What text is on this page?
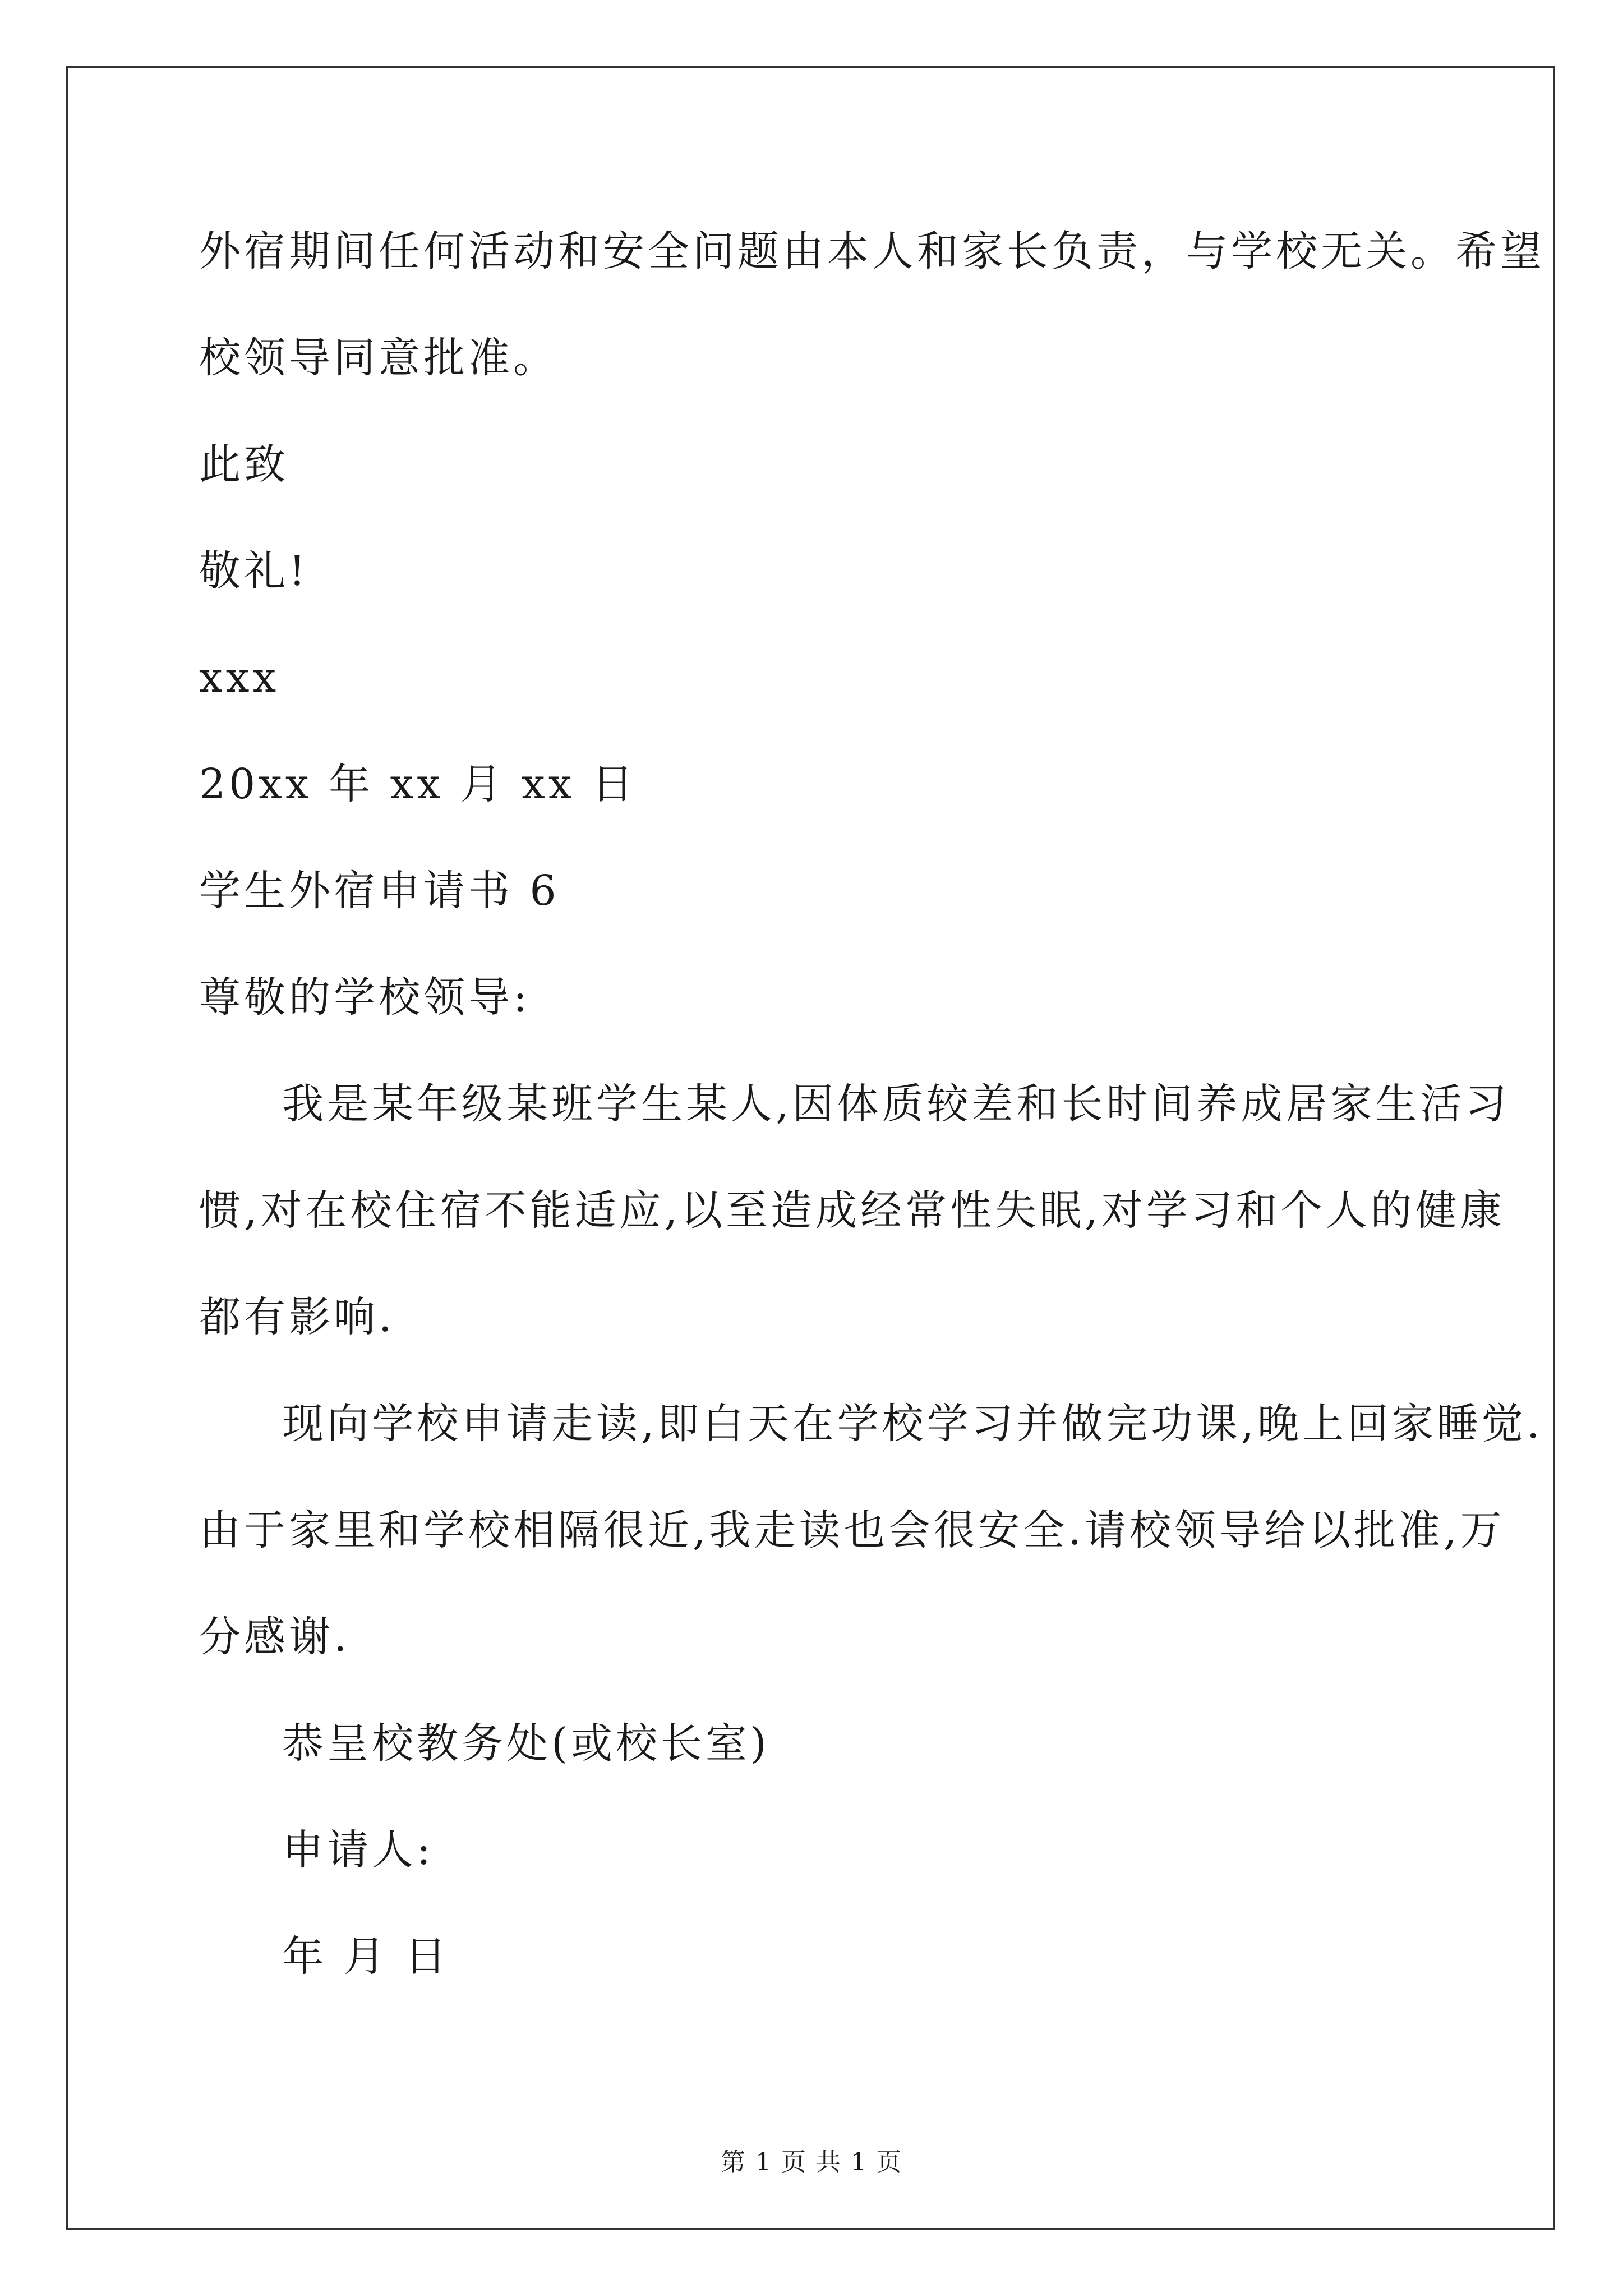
外宿期间任何活动和安全问题由本人和家长负责，与学校无关。希望
校领导同意批准。
此致
敬礼!
xxx
20xx 年 xx 月 xx 日
学生外宿申请书 6
尊敬的学校领导:
我是某年级某班学生某人,因体质较差和长时间养成居家生活习
惯,对在校住宿不能适应,以至造成经常性失眠,对学习和个人的健康
都有影响.
现向学校申请走读,即白天在学校学习并做完功课,晚上回家睡觉.
由于家里和学校相隔很近,我走读也会很安全.请校领导给以批准,万
分感谢.
恭呈校教务处(或校长室)
申请人:
年 月 日
第 1 页 共 1 页
